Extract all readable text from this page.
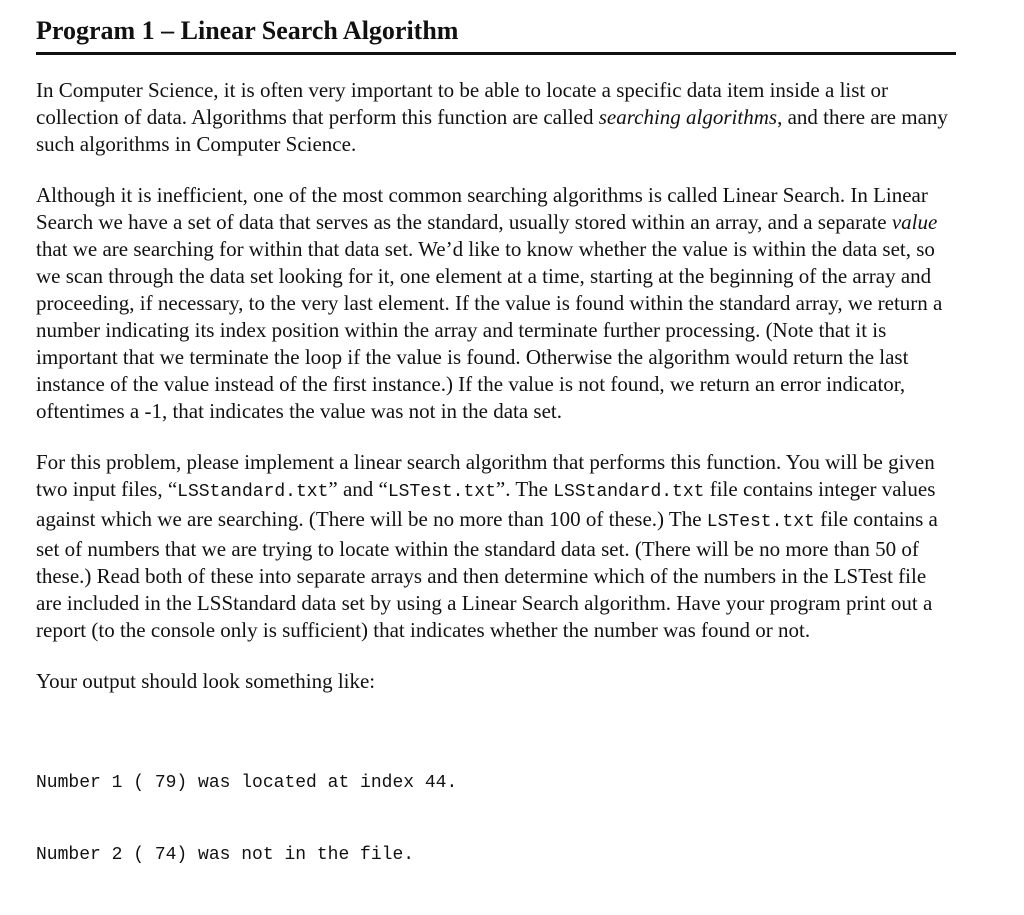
Program 1 – Linear Search Algorithm

In Computer Science, it is often very important to be able to locate a specific data item inside a list or collection of data. Algorithms that perform this function are called searching algorithms, and there are many such algorithms in Computer Science.

Although it is inefficient, one of the most common searching algorithms is called Linear Search. In Linear Search we have a set of data that serves as the standard, usually stored within an array, and a separate value that we are searching for within that data set. We’d like to know whether the value is within the data set, so we scan through the data set looking for it, one element at a time, starting at the beginning of the array and proceeding, if necessary, to the very last element. If the value is found within the standard array, we return a number indicating its index position within the array and terminate further processing. (Note that it is important that we terminate the loop if the value is found. Otherwise the algorithm would return the last instance of the value instead of the first instance.) If the value is not found, we return an error indicator, oftentimes a -1, that indicates the value was not in the data set.

For this problem, please implement a linear search algorithm that performs this function. You will be given two input files, “LSStandard.txt” and “LSTest.txt”. The LSStandard.txt file contains integer values against which we are searching. (There will be no more than 100 of these.) The LSTest.txt file contains a set of numbers that we are trying to locate within the standard data set. (There will be no more than 50 of these.) Read both of these into separate arrays and then determine which of the numbers in the LSTest file are included in the LSStandard data set by using a Linear Search algorithm. Have your program print out a report (to the console only is sufficient) that indicates whether the number was found or not.

Your output should look something like:

Number 1 ( 79) was located at index 44.

Number 2 ( 74) was not in the file.
